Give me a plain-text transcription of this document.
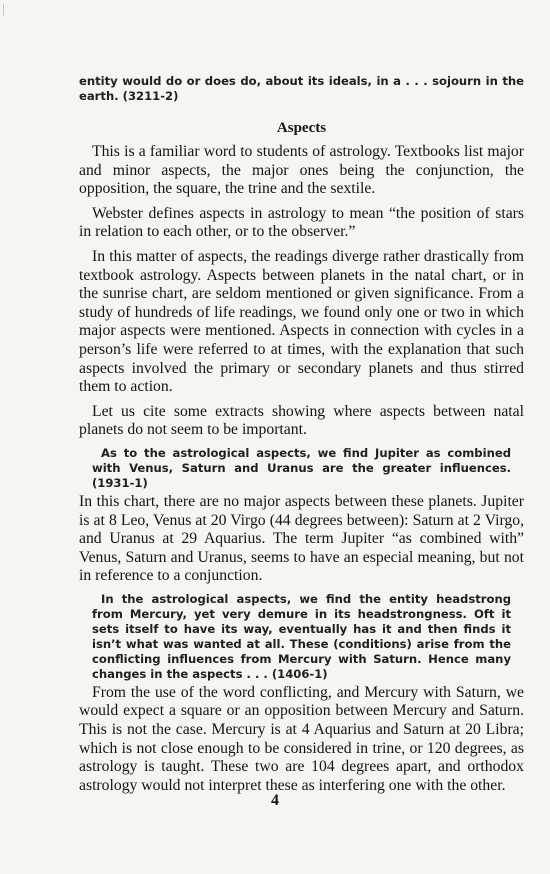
entity would do or does do, about its ideals, in a . . . sojourn in the earth. (3211-2)
Aspects

This is a familiar word to students of astrology. Textbooks list major and minor aspects, the major ones being the conjunction, the opposition, the square, the trine and the sextile.

Webster defines aspects in astrology to mean “the position of stars in relation to each other, or to the observer.”

In this matter of aspects, the readings diverge rather drastically from textbook astrology. Aspects between planets in the natal chart, or in the sunrise chart, are seldom mentioned or given significance. From a study of hundreds of life readings, we found only one or two in which major aspects were mentioned. Aspects in connection with cycles in a person’s life were referred to at times, with the explanation that such aspects involved the primary or secondary planets and thus stirred them to action.

Let us cite some extracts showing where aspects between natal planets do not seem to be important.

As to the astrological aspects, we find Jupiter as combined with Venus, Saturn and Uranus are the greater influences. (1931-1)

In this chart, there are no major aspects between these planets. Jupiter is at 8 Leo, Venus at 20 Virgo (44 degrees between): Saturn at 2 Virgo, and Uranus at 29 Aquarius. The term Jupiter “as combined with” Venus, Saturn and Uranus, seems to have an especial meaning, but not in reference to a conjunction.

In the astrological aspects, we find the entity headstrong from Mercury, yet very demure in its headstrongness. Oft it sets itself to have its way, eventually has it and then finds it isn’t what was wanted at all. These (conditions) arise from the conflicting influences from Mercury with Saturn. Hence many changes in the aspects . . . (1406-1)

From the use of the word conflicting, and Mercury with Saturn, we would expect a square or an opposition between Mercury and Saturn. This is not the case. Mercury is at 4 Aquarius and Saturn at 20 Libra; which is not close enough to be considered in trine, or 120 degrees, as astrology is taught. These two are 104 degrees apart, and orthodox astrology would not interpret these as interfering one with the other.

4
